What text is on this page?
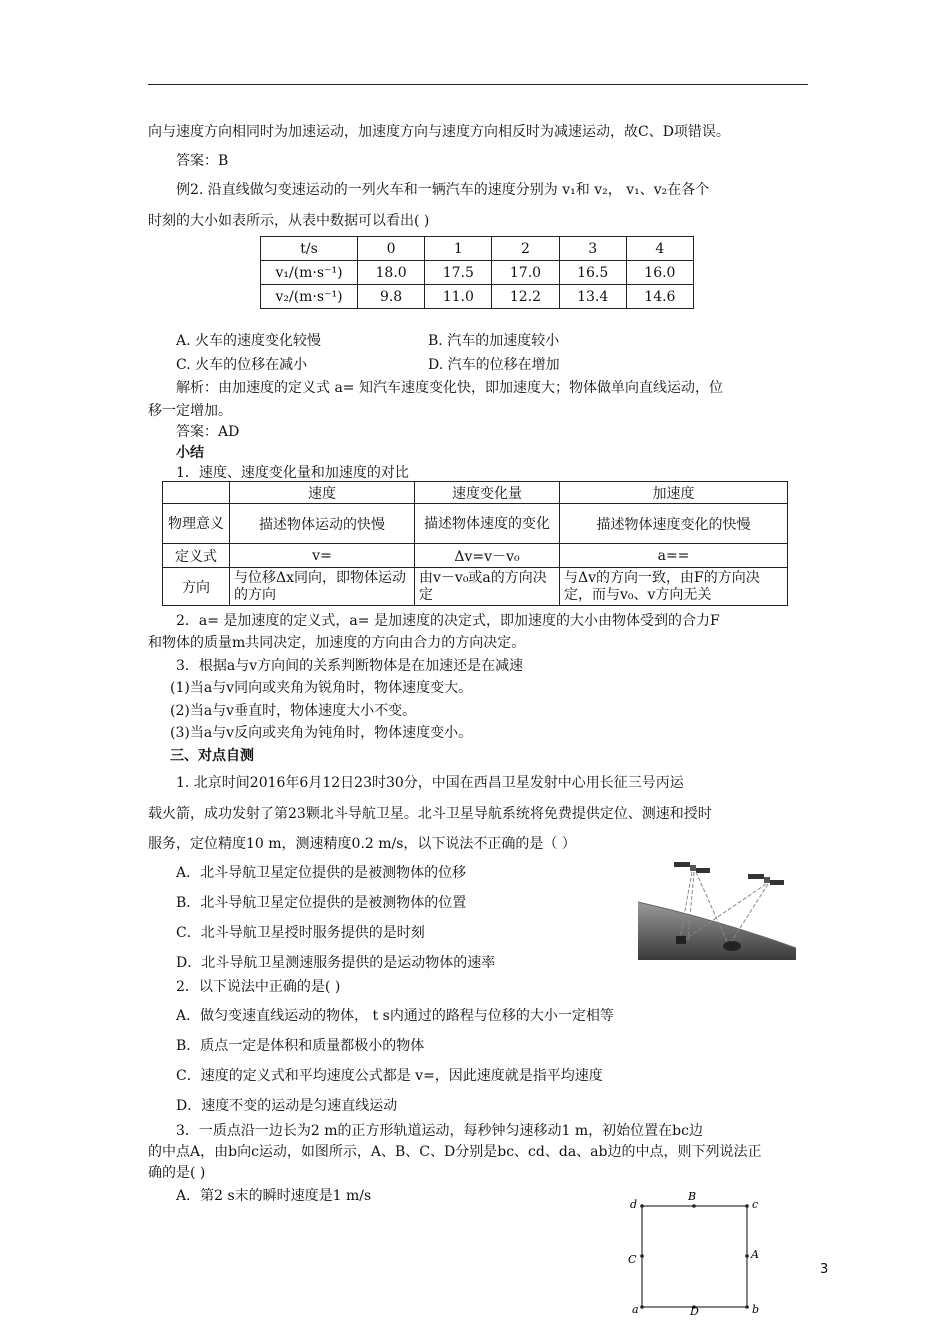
向与速度方向相同时为加速运动，加速度方向与速度方向相反时为减速运动，故C、D项错误。
答案：B
例2. 沿直线做匀变速运动的一列火车和一辆汽车的速度分别为 v₁和 v₂， v₁、v₂在各个
时刻的大小如表所示，从表中数据可以看出( )
t/s	0	1	2	3	4
v₁/(m·s⁻¹)	18.0	17.5	17.0	16.5	16.0
v₂/(m·s⁻¹)	9.8	11.0	12.2	13.4	14.6
A. 火车的速度变化较慢	B. 汽车的加速度较小
C. 火车的位移在减小	D. 汽车的位移在增加
解析：由加速度的定义式 a= 知汽车速度变化快，即加速度大；物体做单向直线运动，位
移一定增加。
答案：AD
小结
1．速度、速度变化量和加速度的对比
	速度	速度变化量	加速度
物理意义	描述物体运动的快慢	描述物体速度的变化	描述物体速度变化的快慢
定义式	v=	Δv=v－v₀	a==
方向	与位移Δx同向，即物体运动的方向	由v－v₀或a的方向决定	与Δv的方向一致，由F的方向决定，而与v₀、v方向无关
2．a= 是加速度的定义式，a= 是加速度的决定式，即加速度的大小由物体受到的合力F
和物体的质量m共同决定，加速度的方向由合力的方向决定。
3．根据a与v方向间的关系判断物体是在加速还是在减速
(1)当a与v同向或夹角为锐角时，物体速度变大。
(2)当a与v垂直时，物体速度大小不变。
(3)当a与v反向或夹角为钝角时，物体速度变小。
三、对点自测
1. 北京时间2016年6月12日23时30分，中国在西昌卫星发射中心用长征三号丙运
载火箭，成功发射了第23颗北斗导航卫星。北斗卫星导航系统将免费提供定位、测速和授时
服务，定位精度10 m，测速精度0.2 m/s，以下说法不正确的是（ ）
A．北斗导航卫星定位提供的是被测物体的位移
B．北斗导航卫星定位提供的是被测物体的位置
C．北斗导航卫星授时服务提供的是时刻
D．北斗导航卫星测速服务提供的是运动物体的速率
2．以下说法中正确的是( )
A．做匀变速直线运动的物体， t s内通过的路程与位移的大小一定相等
B．质点一定是体积和质量都极小的物体
C．速度的定义式和平均速度公式都是 v=，因此速度就是指平均速度
D．速度不变的运动是匀速直线运动
3．一质点沿一边长为2 m的正方形轨道运动，每秒钟匀速移动1 m，初始位置在bc边
的中点A，由b向c运动，如图所示，A、B、C、D分别是bc、cd、da、ab边的中点，则下列说法正
确的是( )
A．第2 s末的瞬时速度是1 m/s
d
B
c
C	A
a	D	b
3
